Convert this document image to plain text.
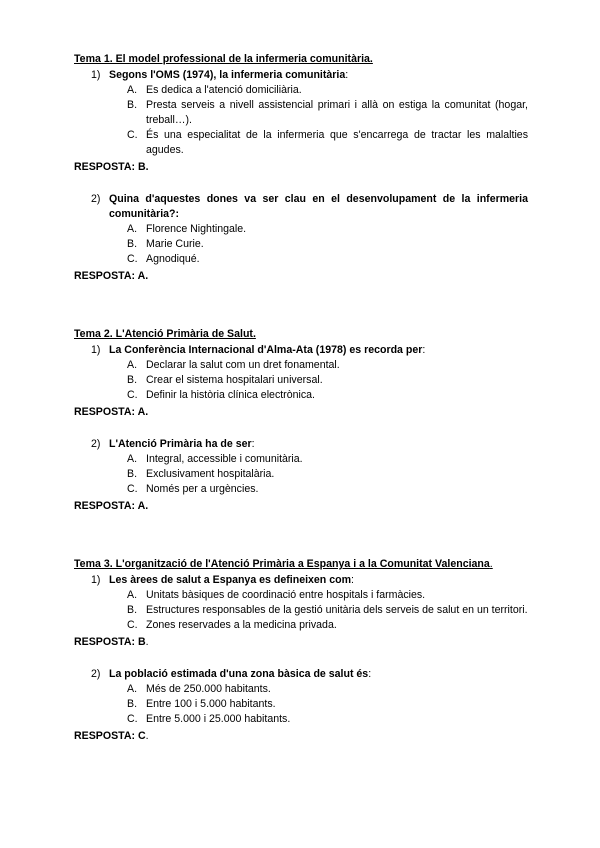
Tema 1. El model professional de la infermeria comunitària.

1) Segons l'OMS (1974), la infermeria comunitària:
A. Es dedica a l'atenció domiciliària.
B. Presta serveis a nivell assistencial primari i allà on estiga la comunitat (hogar, treball…).
C. És una especialitat de la infermeria que s'encarrega de tractar les malalties agudes.
RESPOSTA: B.
2) Quina d'aquestes dones va ser clau en el desenvolupament de la infermeria comunitària?:
A. Florence Nightingale.
B. Marie Curie.
C. Agnodiqué.
RESPOSTA: A.

Tema 2. L'Atenció Primària de Salut.

1) La Conferència Internacional d'Alma-Ata (1978) es recorda per:
A. Declarar la salut com un dret fonamental.
B. Crear el sistema hospitalari universal.
C. Definir la història clínica electrònica.
RESPOSTA: A.
2) L'Atenció Primària ha de ser:
A. Integral, accessible i comunitària.
B. Exclusivament hospitalària.
C. Només per a urgències.
RESPOSTA: A.

Tema 3. L'organització de l'Atenció Primària a Espanya i a la Comunitat Valenciana.

1) Les àrees de salut a Espanya es defineixen com:
A. Unitats bàsiques de coordinació entre hospitals i farmàcies.
B. Estructures responsables de la gestió unitària dels serveis de salut en un territori.
C. Zones reservades a la medicina privada.
RESPOSTA: B.
2) La població estimada d'una zona bàsica de salut és:
A. Més de 250.000 habitants.
B. Entre 100 i 5.000 habitants.
C. Entre 5.000 i 25.000 habitants.
RESPOSTA: C.
